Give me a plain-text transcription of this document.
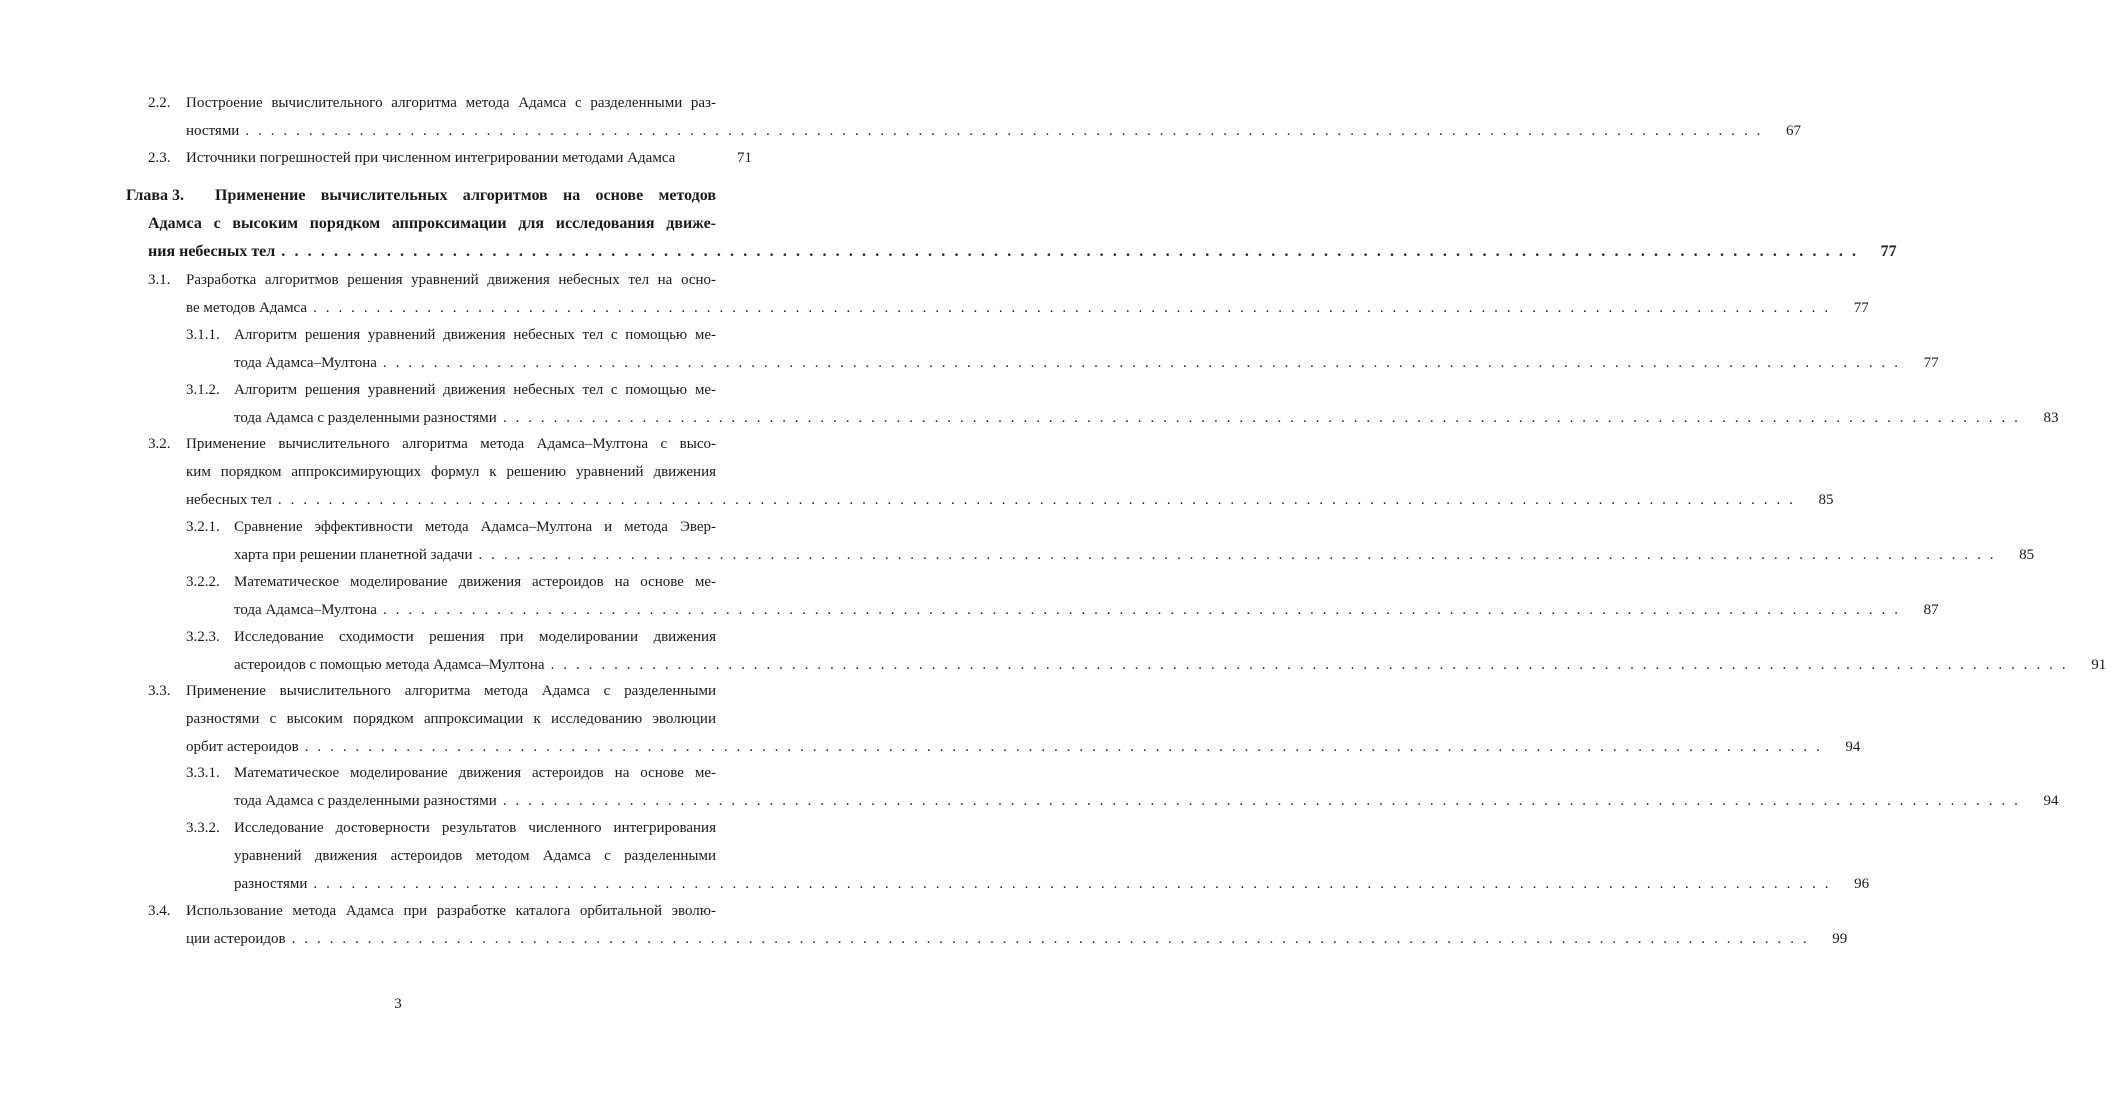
2.2. Построение вычислительного алгоритма метода Адамса с разделенными раз-
ностями . . . . . . . . . . . . . . . . . . . . . . . . . . . . . . . . . . . . . . . . . . . . . . . . . . . . . . . . . . . . . . . . . . . . . . . . . . . . . . . . . . . . . . . . . . . . . . . . . . . . . . . . . . . . . . . . . . . . . . . .	67
2.3. Источники погрешностей при численном интегрировании методами Адамса	71
Глава 3. Применение вычислительных алгоритмов на основе методов
Адамса с высоким порядком аппроксимации для исследования движе-
ния небесных тел . . . . . . . . . . . . . . . . . . . . . . . . . . . . . . . . . . . . . . . . . . . . . . . . . . . . . . . . . . . . . . . . . . . . . . . . . . . . . . . . . . . . . . . . . . . . . . . . . . . . . . . . . . . . . . . . . . . . . . . .	77
3.1. Разработка алгоритмов решения уравнений движения небесных тел на осно-
ве методов Адамса . . . . . . . . . . . . . . . . . . . . . . . . . . . . . . . . . . . . . . . . . . . . . . . . . . . . . . . . . . . . . . . . . . . . . . . . . . . . . . . . . . . . . . . . . . . . . . . . . . . . . . . . . . . . . . . . . . . . . . . .	77
3.1.1. Алгоритм решения уравнений движения небесных тел с помощью ме-
тода Адамса–Мултона . . . . . . . . . . . . . . . . . . . . . . . . . . . . . . . . . . . . . . . . . . . . . . . . . . . . . . . . . . . . . . . . . . . . . . . . . . . . . . . . . . . . . . . . . . . . . . . . . . . . . . . . . . . . . . . . . . . . . . . .	77
3.1.2. Алгоритм решения уравнений движения небесных тел с помощью ме-
тода Адамса с разделенными разностями . . . . . . . . . . . . . . . . . . . . . . . . . . . . . . . . . . . . . . . . . . . . . . . . . . . . . . . . . . . . . . . . . . . . . . . . . . . . . . . . . . . . . . . . . . . . . . . . . . . . . . . . . . . . . . . . . . . . . . . .	83
3.2. Применение вычислительного алгоритма метода Адамса–Мултона с высо-
ким порядком аппроксимирующих формул к решению уравнений движения
небесных тел . . . . . . . . . . . . . . . . . . . . . . . . . . . . . . . . . . . . . . . . . . . . . . . . . . . . . . . . . . . . . . . . . . . . . . . . . . . . . . . . . . . . . . . . . . . . . . . . . . . . . . . . . . . . . . . . . . . . . . . .	85
3.2.1. Сравнение эффективности метода Адамса–Мултона и метода Эвер-
харта при решении планетной задачи . . . . . . . . . . . . . . . . . . . . . . . . . . . . . . . . . . . . . . . . . . . . . . . . . . . . . . . . . . . . . . . . . . . . . . . . . . . . . . . . . . . . . . . . . . . . . . . . . . . . . . . . . . . . . . . . . . . . . . . .	85
3.2.2. Математическое моделирование движения астероидов на основе ме-
тода Адамса–Мултона . . . . . . . . . . . . . . . . . . . . . . . . . . . . . . . . . . . . . . . . . . . . . . . . . . . . . . . . . . . . . . . . . . . . . . . . . . . . . . . . . . . . . . . . . . . . . . . . . . . . . . . . . . . . . . . . . . . . . . . .	87
3.2.3. Исследование сходимости решения при моделировании движения
астероидов с помощью метода Адамса–Мултона . . . . . . . . . . . . . . . . . . . . . . . . . . . . . . . . . . . . . . . . . . . . . . . . . . . . . . . . . . . . . . . . . . . . . . . . . . . . . . . . . . . . . . . . . . . . . . . . . . . . . . . . . . . . . . . . . . . . . . . .	91
3.3. Применение вычислительного алгоритма метода Адамса с разделенными
разностями с высоким порядком аппроксимации к исследованию эволюции
орбит астероидов . . . . . . . . . . . . . . . . . . . . . . . . . . . . . . . . . . . . . . . . . . . . . . . . . . . . . . . . . . . . . . . . . . . . . . . . . . . . . . . . . . . . . . . . . . . . . . . . . . . . . . . . . . . . . . . . . . . . . . . .	94
3.3.1. Математическое моделирование движения астероидов на основе ме-
тода Адамса с разделенными разностями . . . . . . . . . . . . . . . . . . . . . . . . . . . . . . . . . . . . . . . . . . . . . . . . . . . . . . . . . . . . . . . . . . . . . . . . . . . . . . . . . . . . . . . . . . . . . . . . . . . . . . . . . . . . . . . . . . . . . . . .	94
3.3.2. Исследование достоверности результатов численного интегрирования
уравнений движения астероидов методом Адамса с разделенными
разностями . . . . . . . . . . . . . . . . . . . . . . . . . . . . . . . . . . . . . . . . . . . . . . . . . . . . . . . . . . . . . . . . . . . . . . . . . . . . . . . . . . . . . . . . . . . . . . . . . . . . . . . . . . . . . . . . . . . . . . . .	96
3.4. Использование метода Адамса при разработке каталога орбитальной эволю-
ции астероидов . . . . . . . . . . . . . . . . . . . . . . . . . . . . . . . . . . . . . . . . . . . . . . . . . . . . . . . . . . . . . . . . . . . . . . . . . . . . . . . . . . . . . . . . . . . . . . . . . . . . . . . . . . . . . . . . . . . . . . . .	99
3
